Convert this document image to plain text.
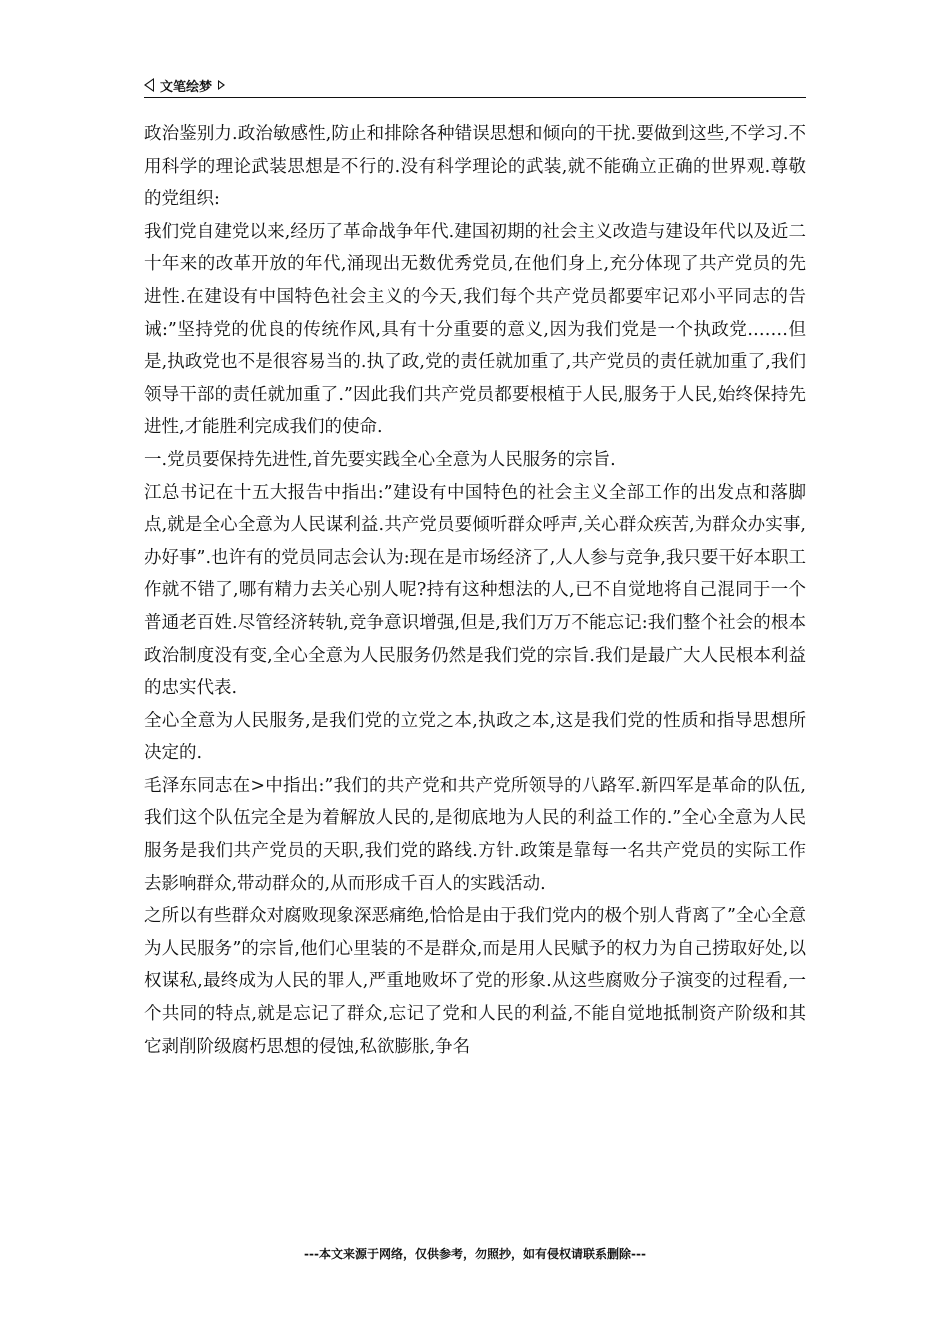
文笔绘梦

政治鉴别力.政治敏感性,防止和排除各种错误思想和倾向的干扰.要做到这些,不学习.不用科学的理论武装思想是不行的.没有科学理论的武装,就不能确立正确的世界观.尊敬的党组织:

我们党自建党以来,经历了革命战争年代.建国初期的社会主义改造与建设年代以及近二十年来的改革开放的年代,涌现出无数优秀党员,在他们身上,充分体现了共产党员的先进性.在建设有中国特色社会主义的今天,我们每个共产党员都要牢记邓小平同志的告诫:”坚持党的优良的传统作风,具有十分重要的意义,因为我们党是一个执政党.……但是,执政党也不是很容易当的.执了政,党的责任就加重了,共产党员的责任就加重了,我们领导干部的责任就加重了.”因此我们共产党员都要根植于人民,服务于人民,始终保持先进性,才能胜利完成我们的使命.

一.党员要保持先进性,首先要实践全心全意为人民服务的宗旨.

江总书记在十五大报告中指出:”建设有中国特色的社会主义全部工作的出发点和落脚点,就是全心全意为人民谋利益.共产党员要倾听群众呼声,关心群众疾苦,为群众办实事,办好事”.也许有的党员同志会认为:现在是市场经济了,人人参与竞争,我只要干好本职工作就不错了,哪有精力去关心别人呢?持有这种想法的人,已不自觉地将自己混同于一个普通老百姓.尽管经济转轨,竞争意识增强,但是,我们万万不能忘记:我们整个社会的根本政治制度没有变,全心全意为人民服务仍然是我们党的宗旨.我们是最广大人民根本利益的忠实代表.

全心全意为人民服务,是我们党的立党之本,执政之本,这是我们党的性质和指导思想所决定的.

毛泽东同志在>中指出:”我们的共产党和共产党所领导的八路军.新四军是革命的队伍,我们这个队伍完全是为着解放人民的,是彻底地为人民的利益工作的.”全心全意为人民服务是我们共产党员的天职,我们党的路线.方针.政策是靠每一名共产党员的实际工作去影响群众,带动群众的,从而形成千百人的实践活动.

之所以有些群众对腐败现象深恶痛绝,恰恰是由于我们党内的极个别人背离了”全心全意为人民服务”的宗旨,他们心里装的不是群众,而是用人民赋予的权力为自己捞取好处,以权谋私,最终成为人民的罪人,严重地败坏了党的形象.从这些腐败分子演变的过程看,一个共同的特点,就是忘记了群众,忘记了党和人民的利益,不能自觉地抵制资产阶级和其它剥削阶级腐朽思想的侵蚀,私欲膨胀,争名

---本文来源于网络，仅供参考，勿照抄，如有侵权请联系删除---
